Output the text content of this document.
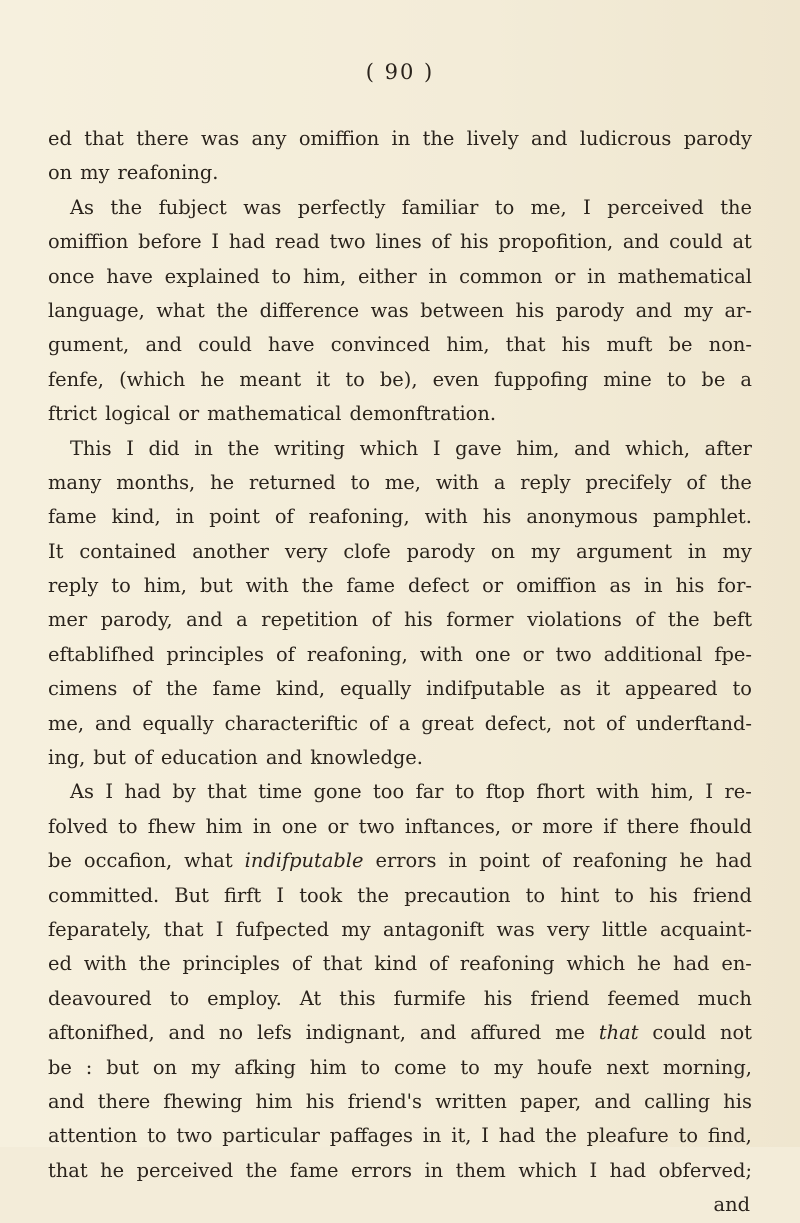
( 90 )
ed that there was any omiffion in the lively and ludicrous parody
on my reafoning.
As the fubject was perfectly familiar to me, I perceived the
omiffion before I had read two lines of his propofition, and could at
once have explained to him, either in common or in mathematical
language, what the difference was between his parody and my ar-
gument, and could have convinced him, that his muft be non-
fenfe, (which he meant it to be), even fuppofing mine to be a
ftrict logical or mathematical demonftration.
This I did in the writing which I gave him, and which, after
many months, he returned to me, with a reply precifely of the
fame kind, in point of reafoning, with his anonymous pamphlet.
It contained another very clofe parody on my argument in my
reply to him, but with the fame defect or omiffion as in his for-
mer parody, and a repetition of his former violations of the beft
eftablifhed principles of reafoning, with one or two additional fpe-
cimens of the fame kind, equally indifputable as it appeared to
me, and equally characteriftic of a great defect, not of underftand-
ing, but of education and knowledge.
As I had by that time gone too far to ftop fhort with him, I re-
folved to fhew him in one or two inftances, or more if there fhould
be occafion, what indifputable errors in point of reafoning he had
committed. But firft I took the precaution to hint to his friend
feparately, that I fufpected my antagonift was very little acquaint-
ed with the principles of that kind of reafoning which he had en-
deavoured to employ. At this furmife his friend feemed much
aftonifhed, and no lefs indignant, and affured me that could not
be : but on my afking him to come to my houfe next morning,
and there fhewing him his friend's written paper, and calling his
attention to two particular paffages in it, I had the pleafure to find,
that he perceived the fame errors in them which I had obferved;
and
